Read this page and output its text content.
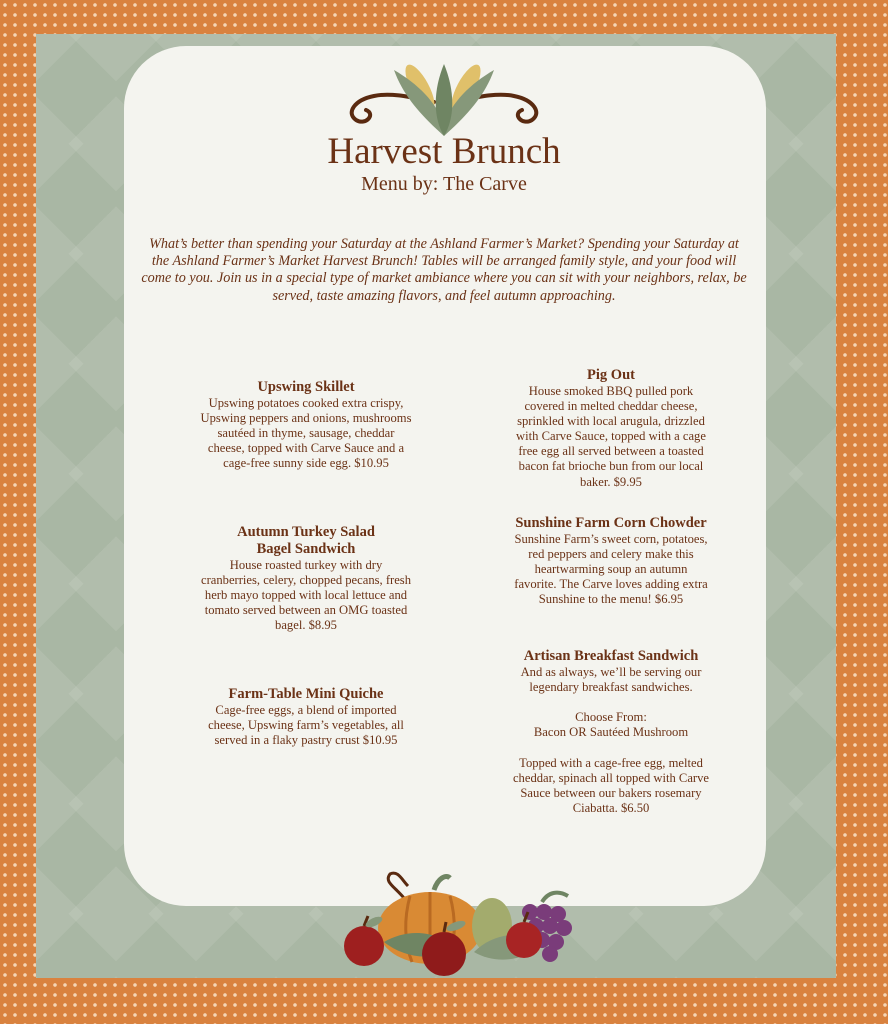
Harvest Brunch
Menu by: The Carve

What’s better than spending your Saturday at the Ashland Farmer’s Market? Spending your Saturday at the Ashland Farmer’s Market Harvest Brunch! Tables will be arranged family style, and your food will come to you. Join us in a special type of market ambiance where you can sit with your neighbors, relax, be served, taste amazing flavors, and feel autumn approaching.

Upswing Skillet
Upswing potatoes cooked extra crispy,
Upswing peppers and onions, mushrooms
sautéed in thyme, sausage, cheddar
cheese, topped with Carve Sauce and a
cage-free sunny side egg. $10.95
Autumn Turkey Salad
Bagel Sandwich
House roasted turkey with dry
cranberries, celery, chopped pecans, fresh
herb mayo topped with local lettuce and
tomato served between an OMG toasted
bagel. $8.95
Farm-Table Mini Quiche
Cage-free eggs, a blend of imported
cheese, Upswing farm’s vegetables, all
served in a flaky pastry crust $10.95
Pig Out
House smoked BBQ pulled pork
covered in melted cheddar cheese,
sprinkled with local arugula, drizzled
with Carve Sauce, topped with a cage
free egg all served between a toasted
bacon fat brioche bun from our local
baker. $9.95
Sunshine Farm Corn Chowder
Sunshine Farm’s sweet corn, potatoes,
red peppers and celery make this
heartwarming soup an autumn
favorite. The Carve loves adding extra
Sunshine to the menu! $6.95
Artisan Breakfast Sandwich
And as always, we’ll be serving our
legendary breakfast sandwiches.

Choose From:
Bacon OR Sautéed Mushroom

Topped with a cage-free egg, melted
cheddar, spinach all topped with Carve
Sauce between our bakers rosemary
Ciabatta. $6.50
